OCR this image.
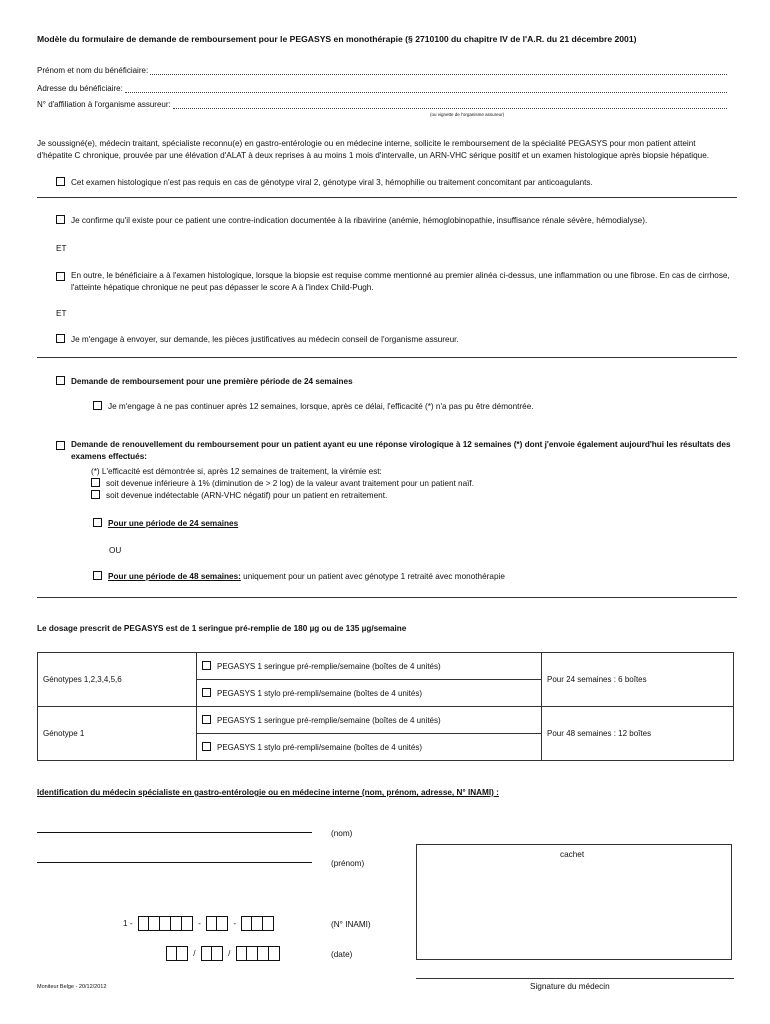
Modèle du formulaire de demande de remboursement pour le PEGASYS en monothérapie (§ 2710100 du chapitre IV de l'A.R. du 21 décembre 2001)
Prénom et nom du bénéficiaire:
Adresse du bénéficiaire:
N° d'affiliation à l'organisme assureur:
(ou vignette de l'organisme assureur)
Je soussigné(e), médecin traitant, spécialiste reconnu(e) en gastro-entérologie ou en médecine interne, sollicite le remboursement de la spécialité PEGASYS pour mon patient atteint d'hépatite C chronique, prouvée par une élévation d'ALAT à deux reprises à au moins 1 mois d'intervalle, un ARN-VHC sérique positif et un examen histologique après biopsie hépatique.
Cet examen histologique n'est pas requis en cas de génotype viral 2, génotype viral 3, hémophilie ou traitement concomitant par anticoagulants.
Je confirme qu'il existe pour ce patient une contre-indication documentée à la ribavirine (anémie, hémoglobinopathie, insuffisance rénale sévère, hémodialyse).
ET
En outre, le bénéficiaire a à l'examen histologique, lorsque la biopsie est requise comme mentionné au premier alinéa ci-dessus, une inflammation ou une fibrose. En cas de cirrhose, l'atteinte hépatique chronique ne peut pas dépasser le score A à l'index Child-Pugh.
ET
Je m'engage à envoyer, sur demande, les pièces justificatives au médecin conseil de l'organisme assureur.
Demande de remboursement pour une première période de 24 semaines
Je m'engage à ne pas continuer après 12 semaines, lorsque, après ce délai, l'efficacité (*) n'a pas pu être démontrée.
Demande de renouvellement du remboursement pour un patient ayant eu une réponse virologique à 12 semaines (*) dont j'envoie également aujourd'hui les résultats des examens effectués:
(*) L'efficacité est démontrée si, après 12 semaines de traitement, la virémie est:
soit devenue inférieure à 1% (diminution de > 2 log) de la valeur avant traitement pour un patient naïf.
soit devenue indétectable (ARN-VHC négatif) pour un patient en retraitement.
Pour une période de 24 semaines
OU
Pour une période de 48 semaines: uniquement pour un patient avec génotype 1 retraité avec monothérapie
Le dosage prescrit de PEGASYS est de 1 seringue pré-remplie de 180 µg ou de 135 µg/semaine
Génotypes 1,2,3,4,5,6
PEGASYS 1 seringue pré-remplie/semaine (boîtes de 4 unités)
PEGASYS 1 stylo pré-rempli/semaine (boîtes de 4 unités)
Pour 24 semaines : 6 boîtes
Génotype 1
PEGASYS 1 seringue pré-remplie/semaine (boîtes de 4 unités)
PEGASYS 1 stylo pré-rempli/semaine (boîtes de 4 unités)
Pour 48 semaines : 12 boîtes
Identification du médecin spécialiste en gastro-entérologie ou en médecine interne (nom, prénom, adresse, N° INAMI) :
(nom)
(prénom)
cachet
1 -	-	-	(N° INAMI)
/	/	(date)
Signature du médecin
Moniteur Belge - 20/12/2012
